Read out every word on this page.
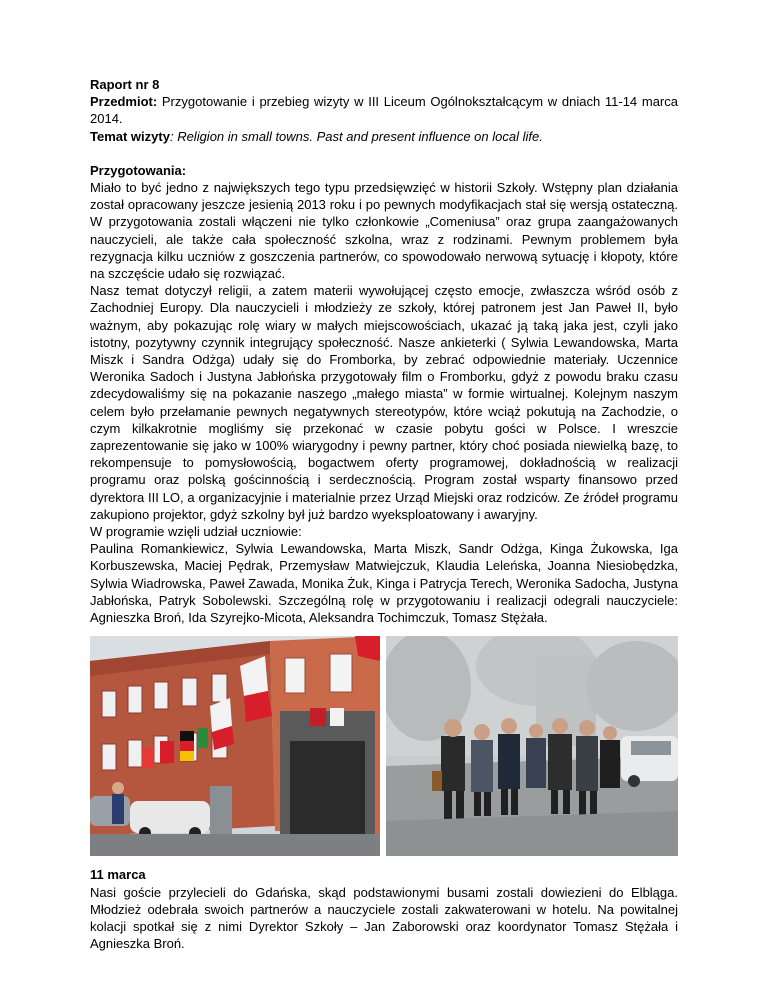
Raport nr 8
Przedmiot: Przygotowanie i przebieg wizyty w III Liceum Ogólnokształcącym w dniach 11-14 marca 2014.
Temat wizyty: Religion in small towns. Past and present influence on local life.
Przygotowania:
Miało to być jedno z największych tego typu przedsięwzięć w historii Szkoły. Wstępny plan działania
został opracowany jeszcze jesienią 2013 roku i po pewnych modyfikacjach stał się wersją ostateczną.
W przygotowania zostali włączeni nie tylko członkowie „Comeniusa” oraz grupa zaangażowanych
nauczycieli, ale także cała społeczność szkolna, wraz z rodzinami. Pewnym problemem była
rezygnacja kilku uczniów z goszczenia partnerów, co spowodowało nerwową sytuację i kłopoty, które
na szczęście udało się rozwiązać.
Nasz temat dotyczył religii, a zatem materii wywołującej często emocje, zwłaszcza wśród osób z
Zachodniej Europy. Dla nauczycieli i młodzieży ze szkoły, której patronem jest Jan Paweł II, było
ważnym, aby pokazując rolę wiary w małych miejscowościach, ukazać ją taką jaka jest, czyli jako
istotny, pozytywny czynnik integrujący społeczność. Nasze ankieterki ( Sylwia Lewandowska, Marta
Miszk i Sandra Odżga) udały się do Fromborka, by zebrać odpowiednie materiały. Uczennice
Weronika Sadoch i Justyna Jabłońska przygotowały film o Fromborku, gdyż z powodu braku czasu
zdecydowaliśmy się na pokazanie naszego „małego miasta” w formie wirtualnej. Kolejnym naszym
celem było przełamanie pewnych negatywnych stereotypów, które wciąż pokutują na Zachodzie, o
czym kilkakrotnie mogliśmy się przekonać w czasie pobytu gości w Polsce. I wreszcie
zaprezentowanie się jako w 100% wiarygodny i pewny partner, który choć posiada niewielką bazę, to
rekompensuje to pomysłowością, bogactwem oferty programowej, dokładnością w realizacji
programu oraz polską gościnnością i serdecznością. Program został wsparty finansowo przed
dyrektora III LO, a organizacyjnie i materialnie przez Urząd Miejski oraz rodziców. Ze źródeł programu
zakupiono projektor, gdyż szkolny był już bardzo wyeksploatowany i awaryjny.
W programie wzięli udział uczniowie:
Paulina Romankiewicz, Sylwia Lewandowska, Marta Miszk, Sandr Odżga, Kinga Żukowska, Iga
Korbuszewska, Maciej Pędrak, Przemysław Matwiejczuk, Klaudia Leleńska, Joanna Niesiobędzka,
Sylwia Wiadrowska, Paweł Zawada, Monika Żuk, Kinga i Patrycja Terech, Weronika Sadocha, Justyna
Jabłońska, Patryk Sobolewski. Szczególną rolę w przygotowaniu i realizacji odegrali nauczyciele:
Agnieszka Broń, Ida Szyrejko-Micota, Aleksandra Tochimczuk, Tomasz Stężała.
11 marca
Nasi goście przylecieli do Gdańska, skąd podstawionymi busami zostali dowiezieni do Elbląga.
Młodzież odebrała swoich partnerów a nauczyciele zostali zakwaterowani w hotelu. Na powitalnej
kolacji spotkał się z nimi Dyrektor Szkoły – Jan Zaborowski oraz koordynator Tomasz Stężała i
Agnieszka Broń.
